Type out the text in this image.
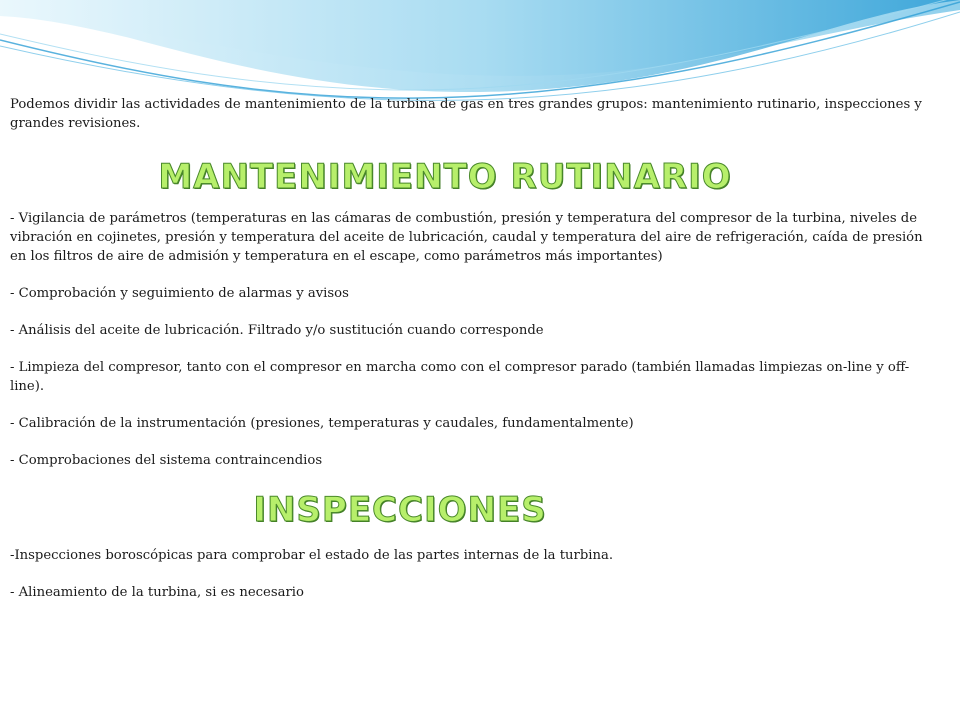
Podemos dividir las actividades de mantenimiento de la turbina de gas en tres grandes grupos: mantenimiento rutinario, inspecciones y grandes revisiones.

MANTENIMIENTO RUTINARIO

- Vigilancia de parámetros (temperaturas en las cámaras de combustión, presión y temperatura del compresor de la turbina, niveles de vibración en cojinetes, presión y temperatura del aceite de lubricación, caudal y temperatura del aire de refrigeración, caída de presión en los filtros de aire de admisión y temperatura en el escape, como parámetros más importantes)

- Comprobación y seguimiento de alarmas y avisos

- Análisis del aceite de lubricación. Filtrado y/o sustitución cuando corresponde

- Limpieza del compresor, tanto con el compresor en marcha como con el compresor parado (también llamadas limpiezas on-line y off-line).

- Calibración de la instrumentación (presiones, temperaturas y caudales, fundamentalmente)

- Comprobaciones del sistema contraincendios

INSPECCIONES

-Inspecciones boroscópicas para comprobar el estado de las partes internas de la turbina.

- Alineamiento de la turbina, si es necesario
